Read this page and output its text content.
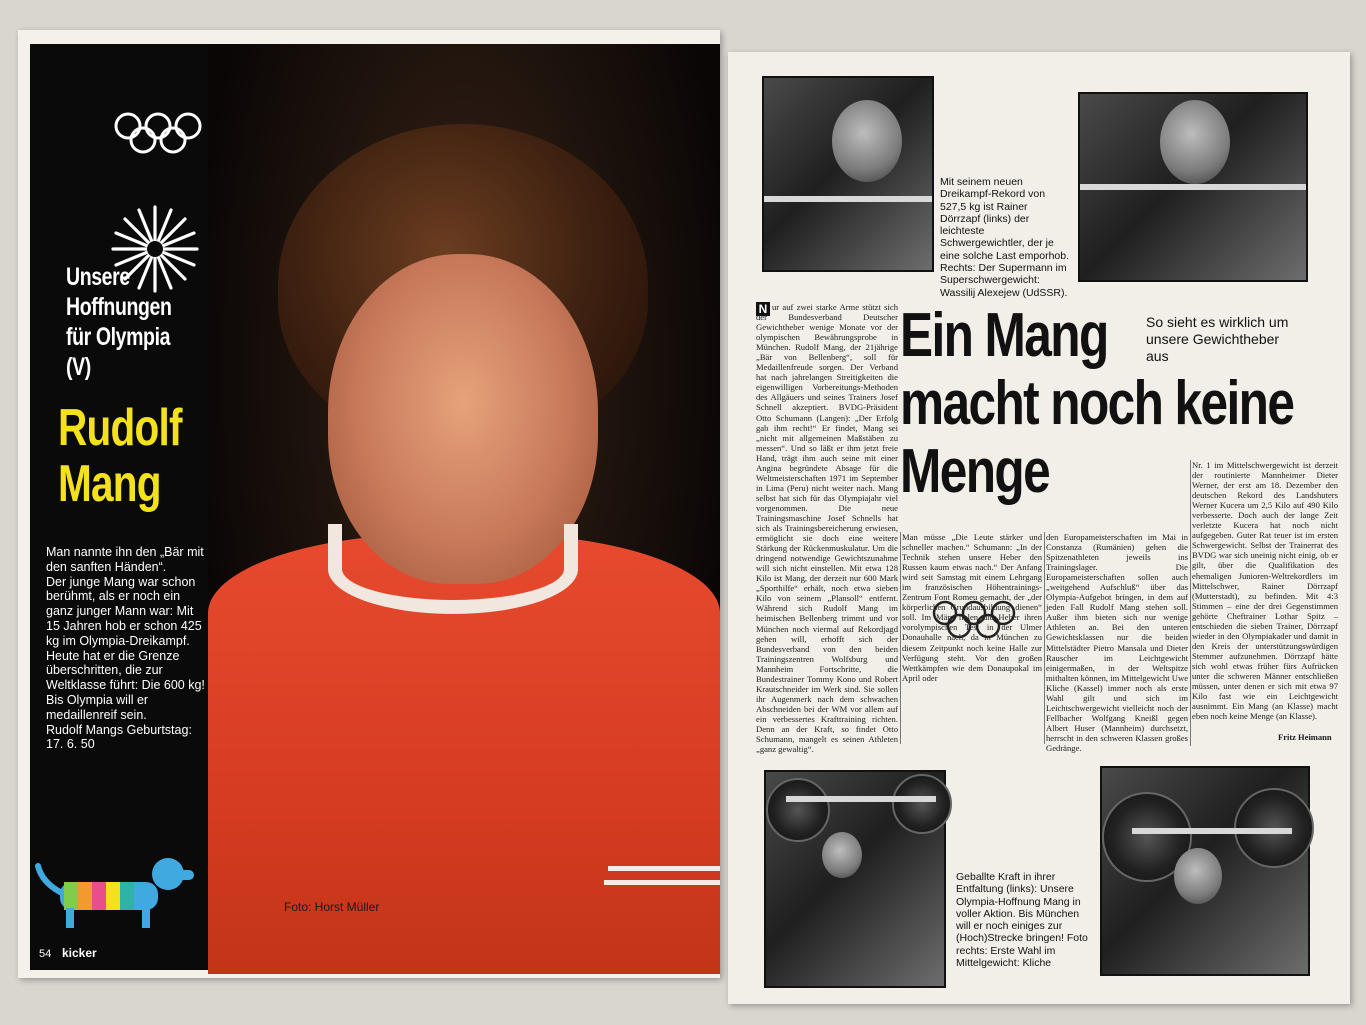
Unsere Hoffnungen für Olympia (V)
Rudolf
Mang

Man nannte ihn den „Bär mit den sanften Händen“.

Der junge Mang war schon berühmt, als er noch ein ganz junger Mann war: Mit 15 Jahren hob er schon 425 kg im Olympia-Dreikampf.

Heute hat er die Grenze überschritten, die zur Weltklasse führt: Die 600 kg!

Bis Olympia will er medaillenreif sein.

Rudolf Mangs Geburtstag: 17. 6. 50

54 kicker
Foto: Horst Müller
Mit seinem neuen Dreikampf-Rekord von 527,5 kg ist Rainer Dörrzapf (links) der leichteste Schwergewichtler, der je eine solche Last emporhob. Rechts: Der Supermann im Superschwergewicht: Wassilij Alexejew (UdSSR).
N ur auf zwei starke Arme stützt sich der Bundesverband Deutscher Gewichtheber wenige Monate vor der olympischen Bewährungsprobe in München. Rudolf Mang, der 21jährige „Bär von Bellenberg“, soll für Medaillenfreude sorgen. Der Verband hat nach jahrelangen Streitigkeiten die eigenwilligen Vorbereitungs-Methoden des Allgäuers und seines Trainers Josef Schnell akzeptiert. BVDG-Präsident Otto Schumann (Langen): „Der Erfolg gab ihm recht!“ Er findet, Mang sei „nicht mit allgemeinen Maßstäben zu messen“. Und so läßt er ihm jetzt freie Hand, trägt ihm auch seine mit einer Angina begründete Absage für die Weltmeisterschaften 1971 im September in Lima (Peru) nicht weiter nach. Mang selbst hat sich für das Olympiajahr viel vorgenommen. Die neue Trainingsmaschine Josef Schnells hat sich als Trainingsbereicherung erwiesen, ermöglicht sie doch eine weitere Stärkung der Rückenmuskulatur. Um die dringend notwendige Gewichtszunahme will sich nicht einstellen. Mit etwa 128 Kilo ist Mang, der derzeit nur 600 Mark „Sporthilfe“ erhält, noch etwa sieben Kilo von seinem „Plansoll“ entfernt. Während sich Rudolf Mang im heimischen Bellenberg trimmt und vor München noch viermal auf Rekordjagd gehen will, erhofft sich der Bundesverband von den beiden Trainingszentren Wolfsburg und Mannheim Fortschritte, die Bundestrainer Tommy Kono und Robert Krautschneider im Werk sind. Sie sollen ihr Augenmerk nach dem schwachen Abschneiden bei der WM vor allem auf ein verbessertes Krafttraining richten. Denn an der Kraft, so findet Otto Schumann, mangelt es seinen Athleten „ganz gewaltig“.
Ein Mang
macht noch keine
Menge
So sieht es wirklich um unsere Gewichtheber aus
Man müsse „Die Leute stärker und schneller machen.“ Schumann: „In der Technik stehen unsere Heber den Russen kaum etwas nach.“ Der Anfang wird seit Samstag mit einem Lehrgang im französischen Höhentrainings-Zentrum Font Romeu gemacht, der „der körperlichen Grundausbildung dienen“ soll. Im März holen die Heber ihren vorolympischen Test in der Ulmer Donauhalle nach, da in München zu diesem Zeitpunkt noch keine Halle zur Verfügung steht. Vor den großen Wettkämpfen wie dem Donaupokal im April oder
den Europameisterschaften im Mai in Constanza (Rumänien) gehen die Spitzenathleten jeweils ins Trainingslager. Die Europameisterschaften sollen auch „weitgehend Aufschluß“ über das Olympia-Aufgebot bringen, in dem auf jeden Fall Rudolf Mang stehen soll. Außer ihm bieten sich nur wenige Athleten an. Bei den unteren Gewichtsklassen nur die beiden Mittelstädter Pietro Mansala und Dieter Rauscher im Leichtgewicht einigermaßen, in der Weltspitze mithalten können, im Mittelgewicht Uwe Kliche (Kassel) immer noch als erste Wahl gilt und sich im Leichtschwergewicht vielleicht noch der Fellbacher Wolfgang Kneißl gegen Albert Huser (Mannheim) durchsetzt, herrscht in den schweren Klassen großes Gedränge.
Nr. 1 im Mittelschwergewicht ist derzeit der routinierte Mannheimer Dieter Werner, der erst am 18. Dezember den deutschen Rekord des Landshuters Werner Kucera um 2,5 Kilo auf 490 Kilo verbesserte. Doch auch der lange Zeit verletzte Kucera hat noch nicht aufgegeben. Guter Rat teuer ist im ersten Schwergewicht. Selbst der Trainerrat des BVDG war sich uneinig nicht einig, ob er gilt, über die Qualifikation des ehemaligen Junioren-Weltrekordlers im Mittelschwer, Rainer Dörrzapf (Mutterstadt), zu befinden. Mit 4:3 Stimmen – eine der drei Gegenstimmen gehörte Cheftrainer Lothar Spitz – entschieden die sieben Trainer, Dörrzapf wieder in den Olympiakader und damit in den Kreis der unterstützungswürdigen Stemmer aufzunehmen. Dörrzapf hätte sich wohl etwas früher fürs Aufrücken unter die schweren Männer entschließen müssen, unter denen er sich mit etwa 97 Kilo fast wie ein Leichtgewicht ausnimmt. Ein Mang (an Klasse) macht eben noch keine Menge (an Klasse).
Fritz Heimann
Geballte Kraft in ihrer Entfaltung (links): Unsere Olympia-Hoffnung Mang in voller Aktion. Bis München will er noch einiges zur (Hoch)Strecke bringen! Foto rechts: Erste Wahl im Mittelgewicht: Kliche
